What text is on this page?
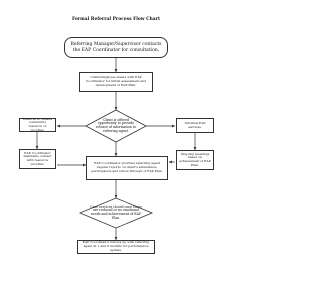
Formal Referral Process Flow Chart
Referring Manager/Supervisor contacts the EAP Coordinator for consultation.
Client/employee meets with EAP Coordinator for initial assessment and development of EAP Plan.
Referral to outside community resource or provider.
Client is offered opportunity to provide release of information to referring agent.
Informal EAP services.
EAP Coordinator maintains contact with resource provider.
Ongoing meetings based on achievement of EAP Plan.
EAP Coordinator provides referring agent regular reports on client's attendance, participation and follow-through of EAP Plan.
Case services closed once there are reduced or no emotional needs and achievement of EAP Plan.
EAP Coordinator follows up with referring agent at 1 and 6 months for performance update.
